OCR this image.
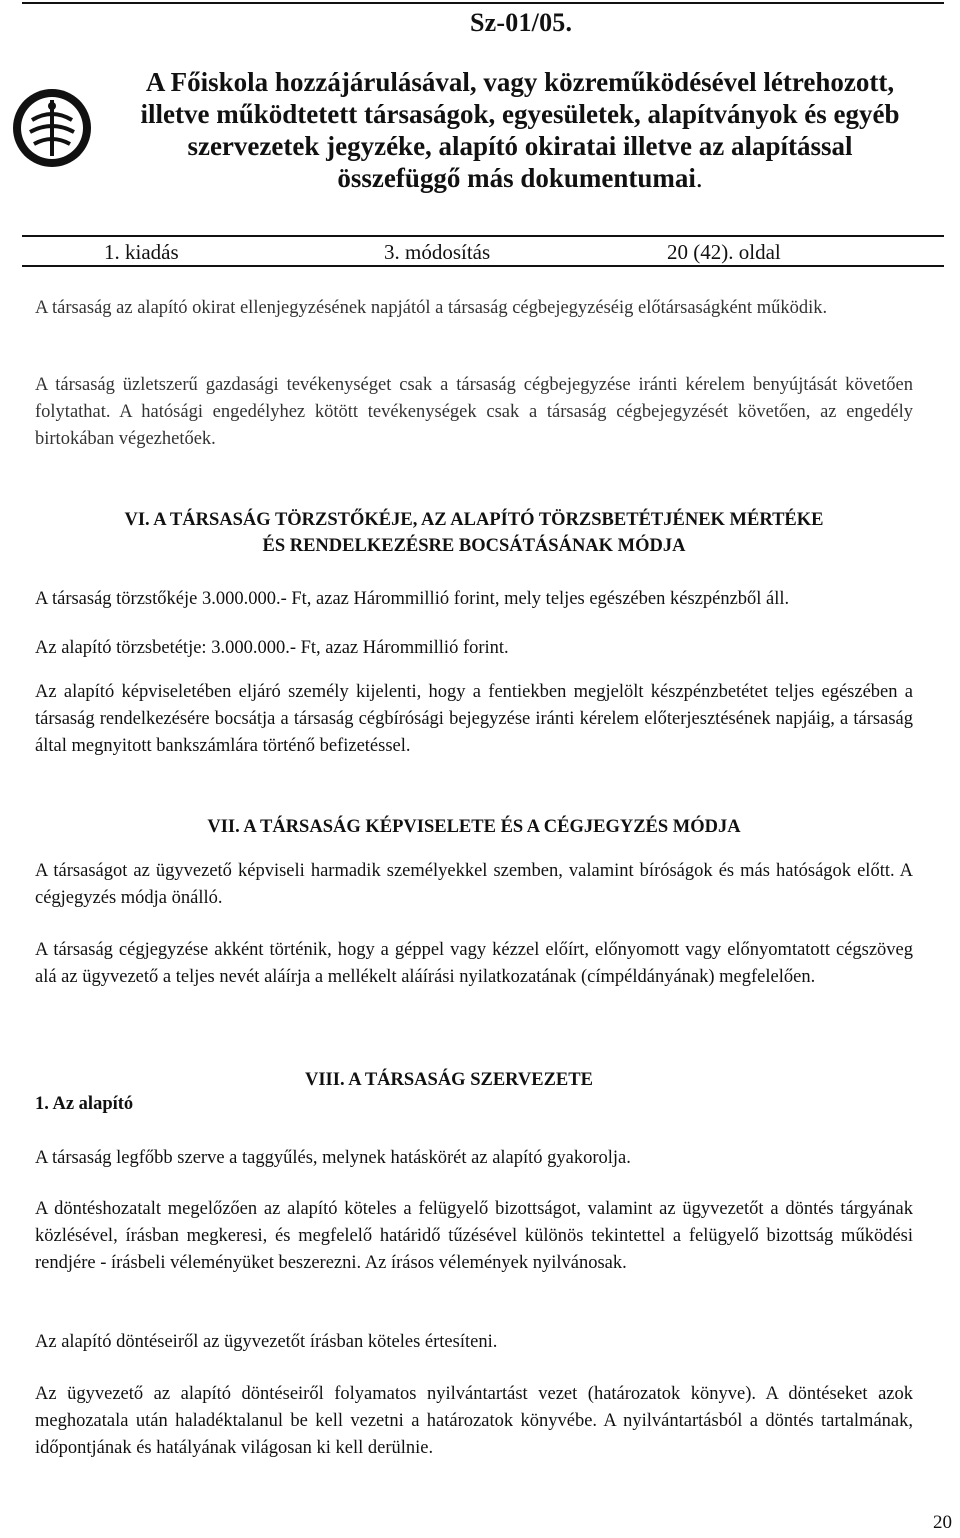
Sz-01/05.
A Főiskola hozzájárulásával, vagy közreműködésével létrehozott,
illetve működtetett társaságok, egyesületek, alapítványok és egyéb
szervezetek jegyzéke, alapító okiratai illetve az alapítással
összefüggő más dokumentumai.
1. kiadás	3. módosítás	20 (42). oldal

A társaság az alapító okirat ellenjegyzésének napjától a társaság cégbejegyzéséig előtársaságként működik.

A társaság üzletszerű gazdasági tevékenységet csak a társaság cégbejegyzése iránti kérelem benyújtását követően folytathat. A hatósági engedélyhez kötött tevékenységek csak a társaság cégbejegyzését követően, az engedély birtokában végezhetőek.

VI. A TÁRSASÁG TÖRZSTŐKÉJE, AZ ALAPÍTÓ TÖRZSBETÉTJÉNEK MÉRTÉKE
ÉS RENDELKEZÉSRE BOCSÁTÁSÁNAK MÓDJA

A társaság törzstőkéje 3.000.000.- Ft, azaz Hárommillió forint, mely teljes egészében készpénzből áll.

Az alapító törzsbetétje: 3.000.000.- Ft, azaz Hárommillió forint.

Az alapító képviseletében eljáró személy kijelenti, hogy a fentiekben megjelölt készpénzbetétet teljes egészében a társaság rendelkezésére bocsátja a társaság cégbírósági bejegyzése iránti kérelem előterjesztésének napjáig, a társaság által megnyitott bankszámlára történő befizetéssel.

VII. A TÁRSASÁG KÉPVISELETE ÉS A CÉGJEGYZÉS MÓDJA

A társaságot az ügyvezető képviseli harmadik személyekkel szemben, valamint bíróságok és más hatóságok előtt. A cégjegyzés módja önálló.

A társaság cégjegyzése akként történik, hogy a géppel vagy kézzel előírt, előnyomott vagy előnyomtatott cégszöveg alá az ügyvezető a teljes nevét aláírja a mellékelt aláírási nyilatkozatának (címpéldányának) megfelelően.

VIII. A TÁRSASÁG SZERVEZETE
1. Az alapító

A társaság legfőbb szerve a taggyűlés, melynek hatáskörét az alapító gyakorolja.

A döntéshozatalt megelőzően az alapító köteles a felügyelő bizottságot, valamint az ügyvezetőt a döntés tárgyának közlésével, írásban megkeresi, és megfelelő határidő tűzésével különös tekintettel a felügyelő bizottság működési rendjére - írásbeli véleményüket beszerezni. Az írásos vélemények nyilvánosak.

Az alapító döntéseiről az ügyvezetőt írásban köteles értesíteni.

Az ügyvezető az alapító döntéseiről folyamatos nyilvántartást vezet (határozatok könyve). A döntéseket azok meghozatala után haladéktalanul be kell vezetni a határozatok könyvébe. A nyilvántartásból a döntés tartalmának, időpontjának és hatályának világosan ki kell derülnie.

20
